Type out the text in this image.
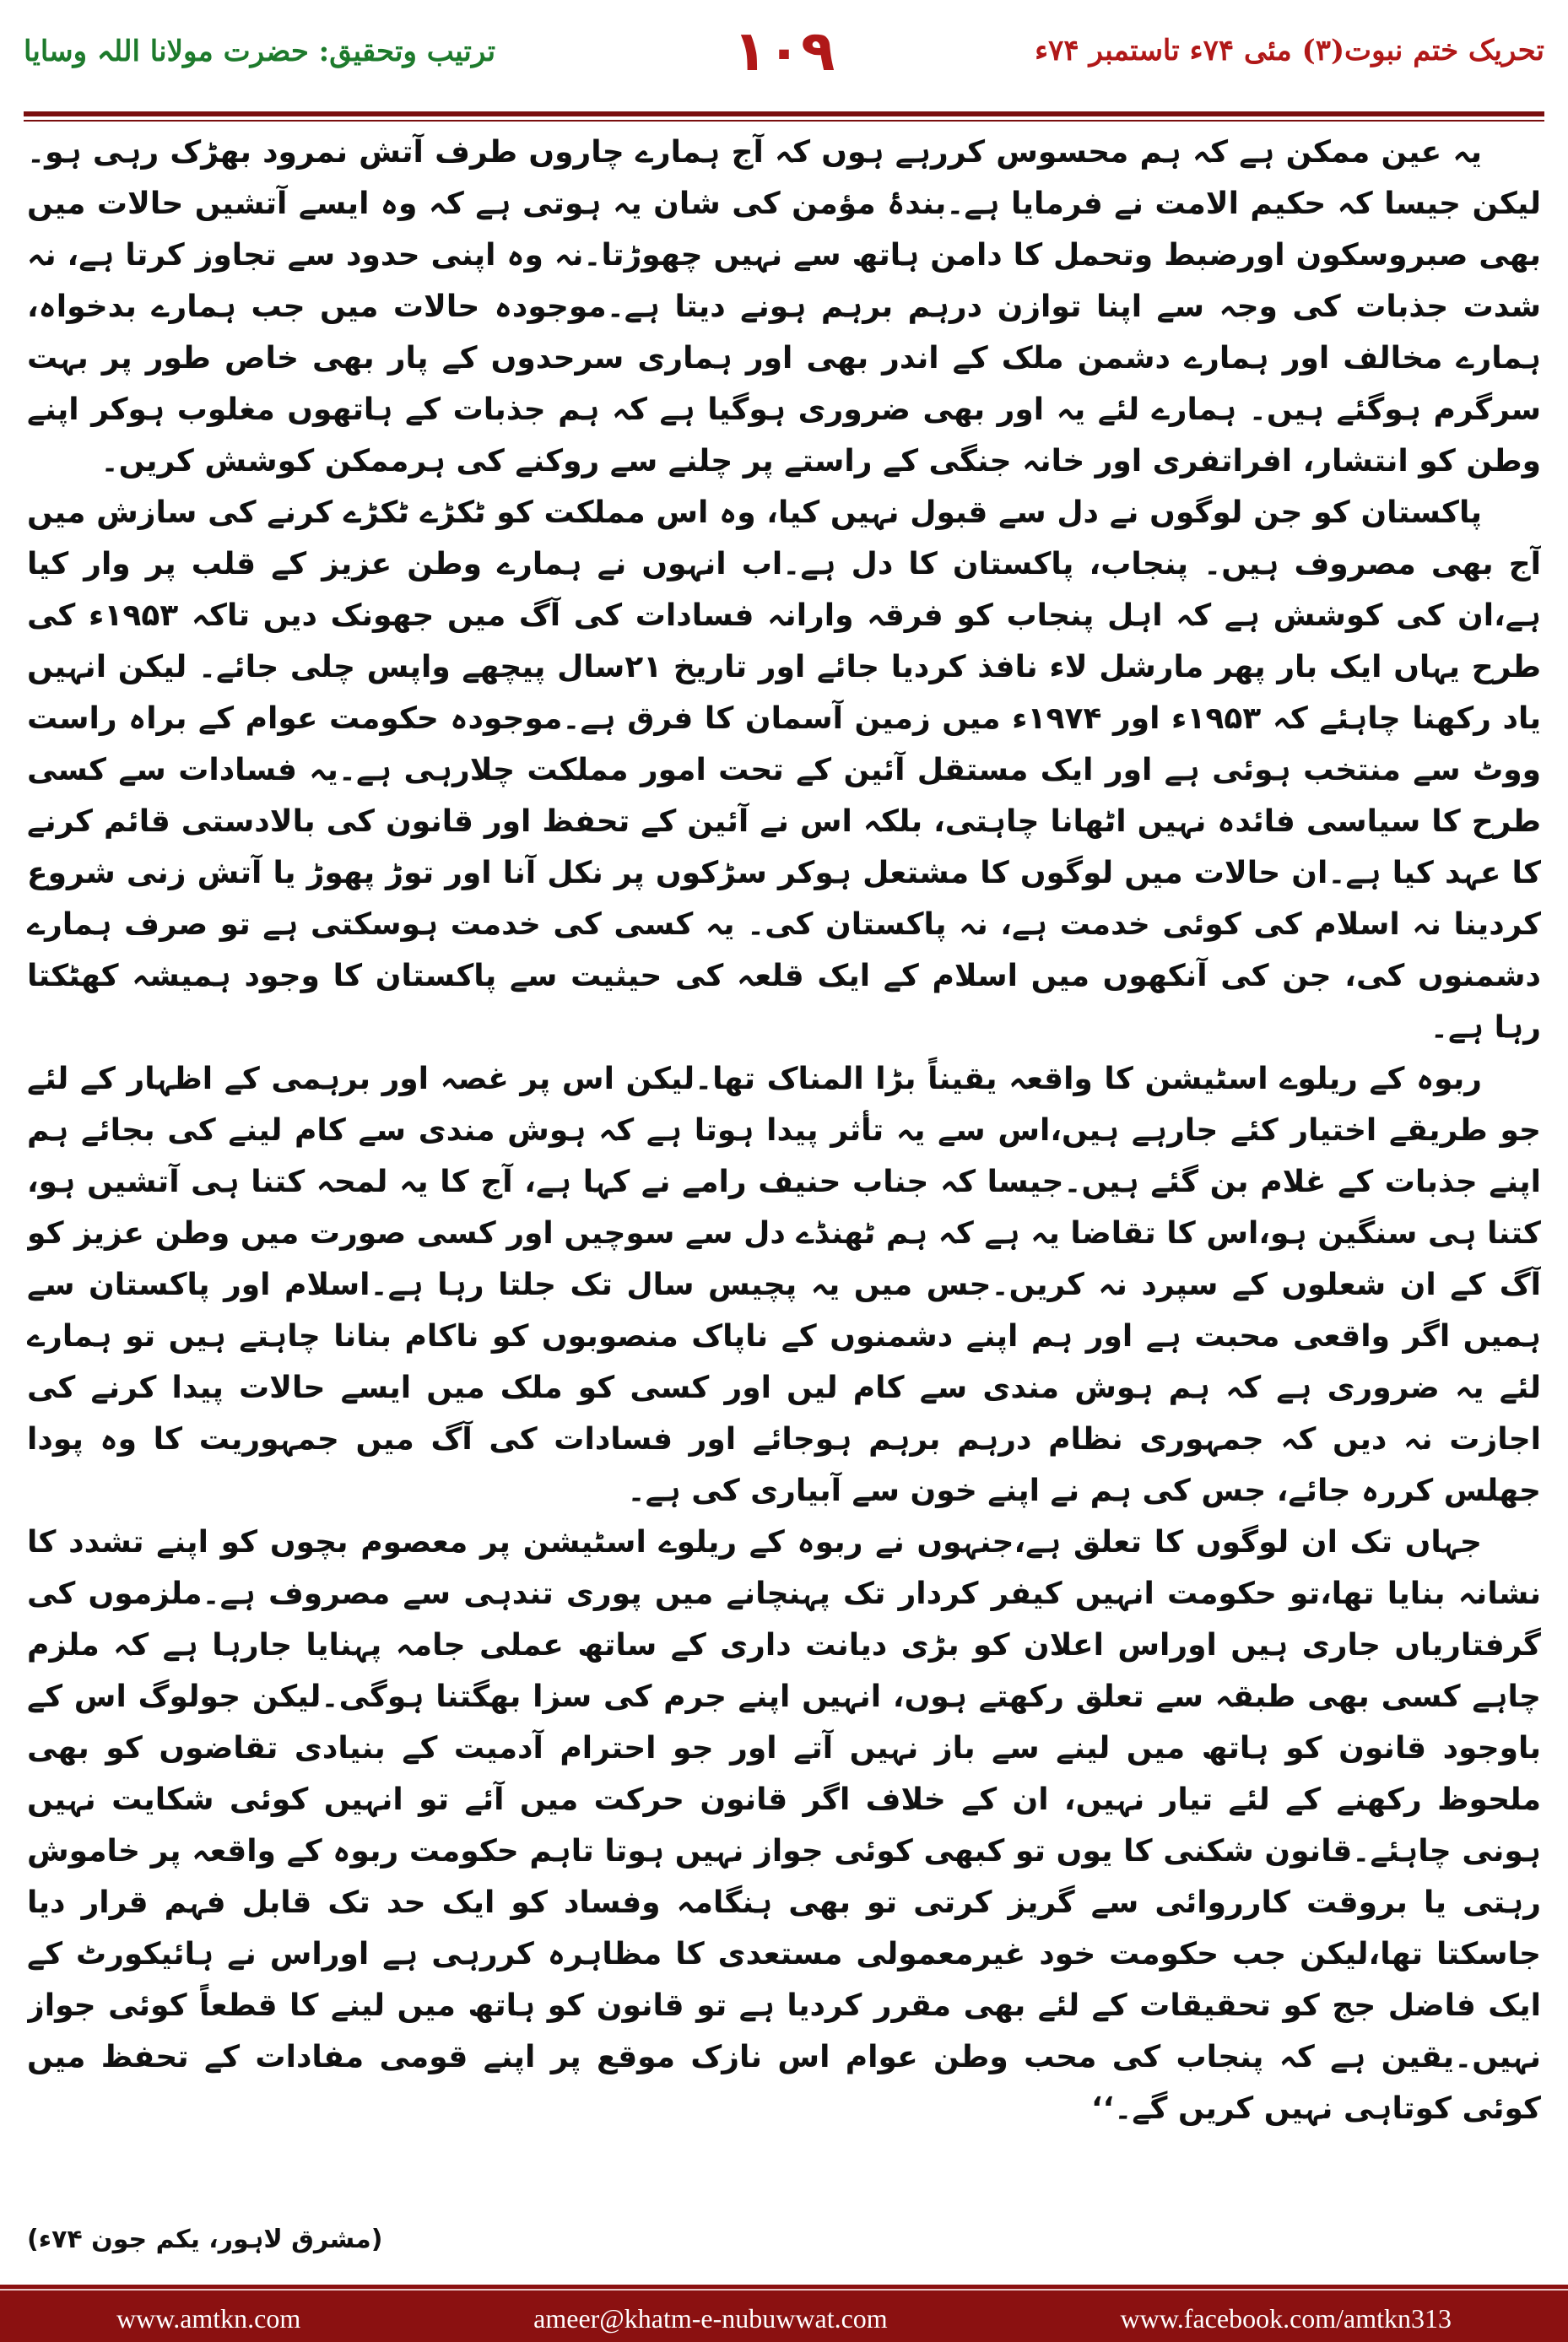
ترتیب وتحقیق: حضرت مولانا اللہ وسایا	۱۰۹	تحریک ختم نبوت(۳) مئی ۷۴ء تاستمبر ۷۴ء

یہ عین ممکن ہے کہ ہم محسوس کررہے ہوں کہ آج ہمارے چاروں طرف آتش نمرود بھڑک رہی ہو۔لیکن جیسا کہ حکیم الامت نے فرمایا ہے۔بندۂ مؤمن کی شان یہ ہوتی ہے کہ وہ ایسے آتشیں حالات میں بھی صبروسکون اورضبط وتحمل کا دامن ہاتھ سے نہیں چھوڑتا۔نہ وہ اپنی حدود سے تجاوز کرتا ہے، نہ شدت جذبات کی وجہ سے اپنا توازن درہم برہم ہونے دیتا ہے۔موجودہ حالات میں جب ہمارے بدخواہ، ہمارے مخالف اور ہمارے دشمن ملک کے اندر بھی اور ہماری سرحدوں کے پار بھی خاص طور پر بہت سرگرم ہوگئے ہیں۔ ہمارے لئے یہ اور بھی ضروری ہوگیا ہے کہ ہم جذبات کے ہاتھوں مغلوب ہوکر اپنے وطن کو انتشار، افراتفری اور خانہ جنگی کے راستے پر چلنے سے روکنے کی ہرممکن کوشش کریں۔

پاکستان کو جن لوگوں نے دل سے قبول نہیں کیا، وہ اس مملکت کو ٹکڑے ٹکڑے کرنے کی سازش میں آج بھی مصروف ہیں۔ پنجاب، پاکستان کا دل ہے۔اب انہوں نے ہمارے وطن عزیز کے قلب پر وار کیا ہے،ان کی کوشش ہے کہ اہل پنجاب کو فرقہ وارانہ فسادات کی آگ میں جھونک دیں تاکہ ۱۹۵۳ء کی طرح یہاں ایک بار پھر مارشل لاء نافذ کردیا جائے اور تاریخ ۲۱سال پیچھے واپس چلی جائے۔ لیکن انہیں یاد رکھنا چاہئے کہ ۱۹۵۳ء اور ۱۹۷۴ء میں زمین آسمان کا فرق ہے۔موجودہ حکومت عوام کے براہ راست ووٹ سے منتخب ہوئی ہے اور ایک مستقل آئین کے تحت امور مملکت چلارہی ہے۔یہ فسادات سے کسی طرح کا سیاسی فائدہ نہیں اٹھانا چاہتی، بلکہ اس نے آئین کے تحفظ اور قانون کی بالادستی قائم کرنے کا عہد کیا ہے۔ان حالات میں لوگوں کا مشتعل ہوکر سڑکوں پر نکل آنا اور توڑ پھوڑ یا آتش زنی شروع کردینا نہ اسلام کی کوئی خدمت ہے، نہ پاکستان کی۔ یہ کسی کی خدمت ہوسکتی ہے تو صرف ہمارے دشمنوں کی، جن کی آنکھوں میں اسلام کے ایک قلعہ کی حیثیت سے پاکستان کا وجود ہمیشہ کھٹکتا رہا ہے۔

ربوہ کے ریلوے اسٹیشن کا واقعہ یقیناً بڑا المناک تھا۔لیکن اس پر غصہ اور برہمی کے اظہار کے لئے جو طریقے اختیار کئے جارہے ہیں،اس سے یہ تأثر پیدا ہوتا ہے کہ ہوش مندی سے کام لینے کی بجائے ہم اپنے جذبات کے غلام بن گئے ہیں۔جیسا کہ جناب حنیف رامے نے کہا ہے، آج کا یہ لمحہ کتنا ہی آتشیں ہو، کتنا ہی سنگین ہو،اس کا تقاضا یہ ہے کہ ہم ٹھنڈے دل سے سوچیں اور کسی صورت میں وطن عزیز کو آگ کے ان شعلوں کے سپرد نہ کریں۔جس میں یہ پچیس سال تک جلتا رہا ہے۔اسلام اور پاکستان سے ہمیں اگر واقعی محبت ہے اور ہم اپنے دشمنوں کے ناپاک منصوبوں کو ناکام بنانا چاہتے ہیں تو ہمارے لئے یہ ضروری ہے کہ ہم ہوش مندی سے کام لیں اور کسی کو ملک میں ایسے حالات پیدا کرنے کی اجازت نہ دیں کہ جمہوری نظام درہم برہم ہوجائے اور فسادات کی آگ میں جمہوریت کا وہ پودا جھلس کررہ جائے، جس کی ہم نے اپنے خون سے آبیاری کی ہے۔

جہاں تک ان لوگوں کا تعلق ہے،جنہوں نے ربوہ کے ریلوے اسٹیشن پر معصوم بچوں کو اپنے تشدد کا نشانہ بنایا تھا،تو حکومت انہیں کیفر کردار تک پہنچانے میں پوری تندہی سے مصروف ہے۔ملزموں کی گرفتاریاں جاری ہیں اوراس اعلان کو بڑی دیانت داری کے ساتھ عملی جامہ پہنایا جارہا ہے کہ ملزم چاہے کسی بھی طبقہ سے تعلق رکھتے ہوں، انہیں اپنے جرم کی سزا بھگتنا ہوگی۔لیکن جولوگ اس کے باوجود قانون کو ہاتھ میں لینے سے باز نہیں آتے اور جو احترام آدمیت کے بنیادی تقاضوں کو بھی ملحوظ رکھنے کے لئے تیار نہیں، ان کے خلاف اگر قانون حرکت میں آئے تو انہیں کوئی شکایت نہیں ہونی چاہئے۔قانون شکنی کا یوں تو کبھی کوئی جواز نہیں ہوتا تاہم حکومت ربوہ کے واقعہ پر خاموش رہتی یا بروقت کارروائی سے گریز کرتی تو بھی ہنگامہ وفساد کو ایک حد تک قابل فہم قرار دیا جاسکتا تھا،لیکن جب حکومت خود غیرمعمولی مستعدی کا مظاہرہ کررہی ہے اوراس نے ہائیکورٹ کے ایک فاضل جج کو تحقیقات کے لئے بھی مقرر کردیا ہے تو قانون کو ہاتھ میں لینے کا قطعاً کوئی جواز نہیں۔یقین ہے کہ پنجاب کی محب وطن عوام اس نازک موقع پر اپنے قومی مفادات کے تحفظ میں کوئی کوتاہی نہیں کریں گے۔‘‘

(مشرق لاہور، یکم جون ۷۴ء)
www.amtkn.com	ameer@khatm-e-nubuwwat.com	www.facebook.com/amtkn313
